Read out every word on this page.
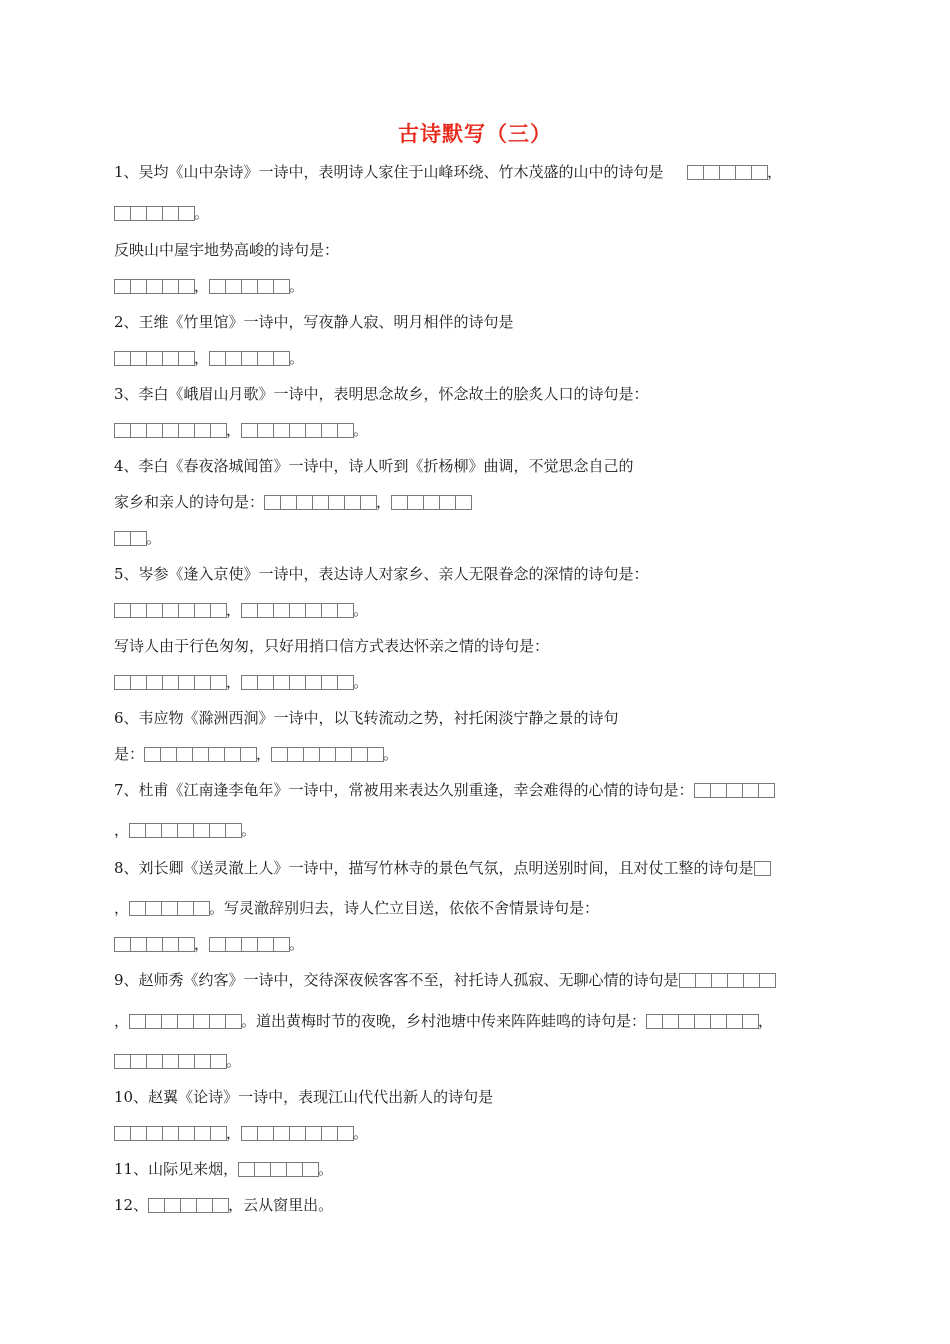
古诗默写（三）
1、吴均《山中杂诗》一诗中，表明诗人家住于山峰环绕、竹木茂盛的山中的诗句是	，
。
反映山中屋宇地势高峻的诗句是：
，	。
2、王维《竹里馆》一诗中，写夜静人寂、明月相伴的诗句是
，	。
3、李白《峨眉山月歌》一诗中，表明思念故乡，怀念故土的脍炙人口的诗句是：
，	。
4、李白《春夜洛城闻笛》一诗中，诗人听到《折杨柳》曲调，不觉思念自己的
家乡和亲人的诗句是：	，
。
5、岑参《逢入京使》一诗中，表达诗人对家乡、亲人无限眷念的深情的诗句是：
，	。
写诗人由于行色匆匆，只好用捎口信方式表达怀亲之情的诗句是：
，	。
6、韦应物《滁洲西涧》一诗中，以飞转流动之势，衬托闲淡宁静之景的诗句
是：	，	。
7、杜甫《江南逢李龟年》一诗中，常被用来表达久别重逢，幸会难得的心情的诗句是：
，	。
8、刘长卿《送灵澈上人》一诗中，描写竹林寺的景色气氛，点明送别时间，且对仗工整的诗句是
，	。写灵澈辞别归去，诗人伫立目送，依依不舍情景诗句是：
，	。
9、赵师秀《约客》一诗中，交待深夜候客客不至，衬托诗人孤寂、无聊心情的诗句是
，	。道出黄梅时节的夜晚，乡村池塘中传来阵阵蛙鸣的诗句是：	，
。
10、赵翼《论诗》一诗中，表现江山代代出新人的诗句是
，	。
11、山际见来烟，	。
12、	，云从窗里出。
